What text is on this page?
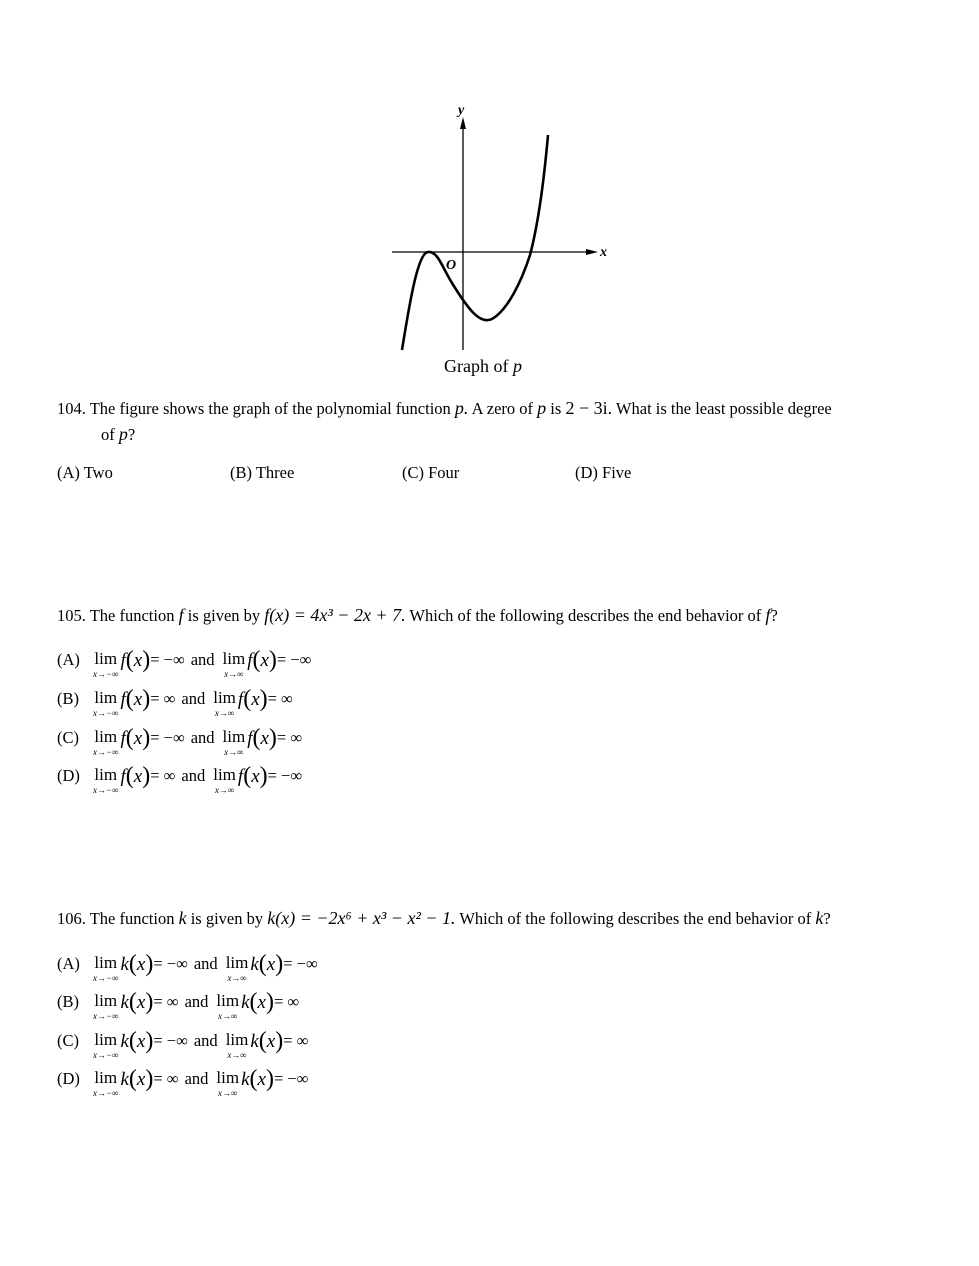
y
x
O
Graph of p
104. The figure shows the graph of the polynomial function p. A zero of p is 2 − 3i. What is the least possible degree
of p?
(A) Two	(B) Three	(C) Four	(D) Five
105. The function f is given by f(x) = 4x³ − 2x + 7. Which of the following describes the end behavior of f?
(A) lim
x→−∞
f ( x ) = −∞ and lim
x→∞
f ( x ) = −∞
(B) lim
x→−∞
f ( x ) = ∞ and lim
x→∞
f ( x ) = ∞
(C) lim
x→−∞
f ( x ) = −∞ and lim
x→∞
f ( x ) = ∞
(D) lim
x→−∞
f ( x ) = ∞ and lim
x→∞
f ( x ) = −∞
106. The function k is given by k(x) = −2x⁶ + x³ − x² − 1. Which of the following describes the end behavior of k?
(A) lim
x→−∞
k ( x ) = −∞ and lim
x→∞
k ( x ) = −∞
(B) lim
x→−∞
k ( x ) = ∞ and lim
x→∞
k ( x ) = ∞
(C) lim
x→−∞
k ( x ) = −∞ and lim
x→∞
k ( x ) = ∞
(D) lim
x→−∞
k ( x ) = ∞ and lim
x→∞
k ( x ) = −∞
